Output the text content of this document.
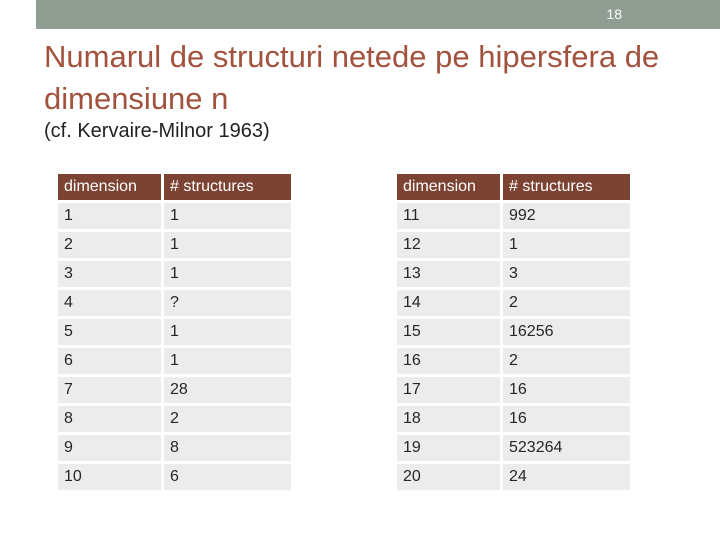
18
Numarul de structuri netede pe hipersfera de dimensiune n
(cf. Kervaire-Milnor 1963)
dimension	# structures
1	1
2	1
3	1
4	?
5	1
6	1
7	28
8	2
9	8
10	6
dimension	# structures
11	992
12	1
13	3
14	2
15	16256
16	2
17	16
18	16
19	523264
20	24
